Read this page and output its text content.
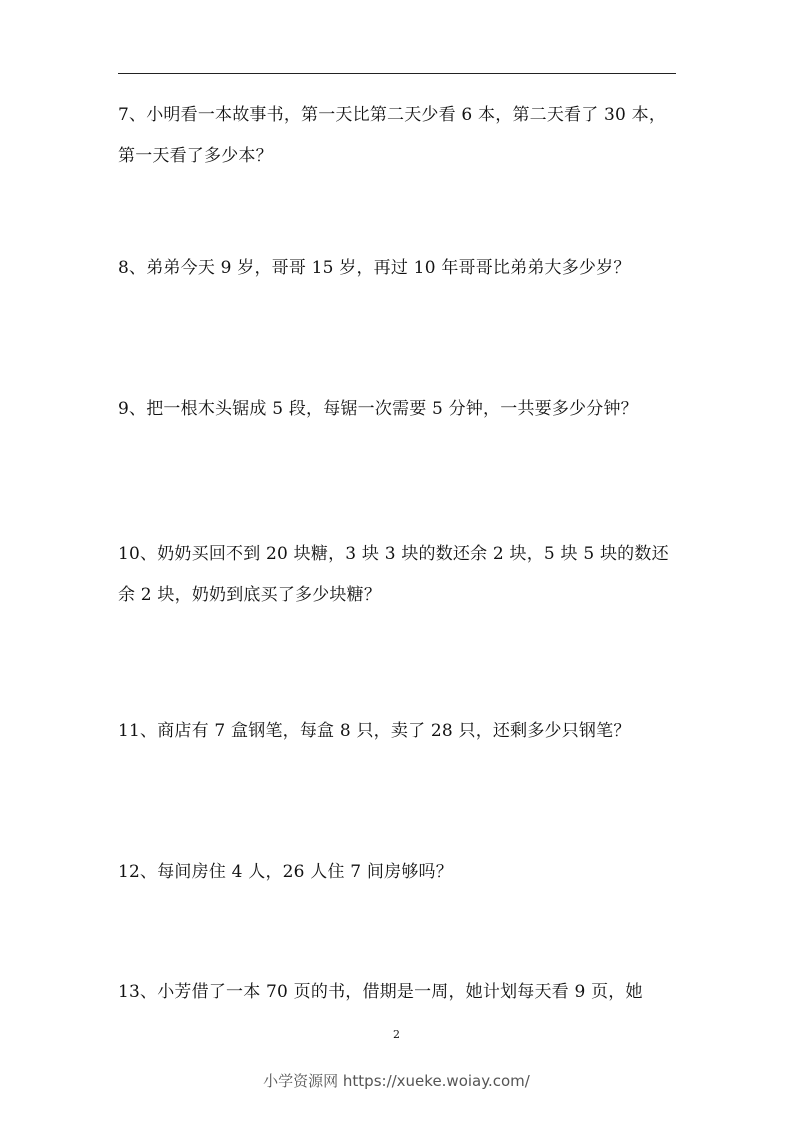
7、小明看一本故事书，第一天比第二天少看 6 本，第二天看了 30 本，
第一天看了多少本？
8、弟弟今天 9 岁，哥哥 15 岁，再过 10 年哥哥比弟弟大多少岁？
9、把一根木头锯成 5 段，每锯一次需要 5 分钟，一共要多少分钟？
10、奶奶买回不到 20 块糖，3 块 3 块的数还余 2 块，5 块 5 块的数还
余 2 块，奶奶到底买了多少块糖？
11、商店有 7 盒钢笔，每盒 8 只，卖了 28 只，还剩多少只钢笔？
12、每间房住 4 人，26 人住 7 间房够吗？
13、小芳借了一本 70 页的书，借期是一周，她计划每天看 9 页，她
2
小学资源网 https://xueke.woiay.com/
